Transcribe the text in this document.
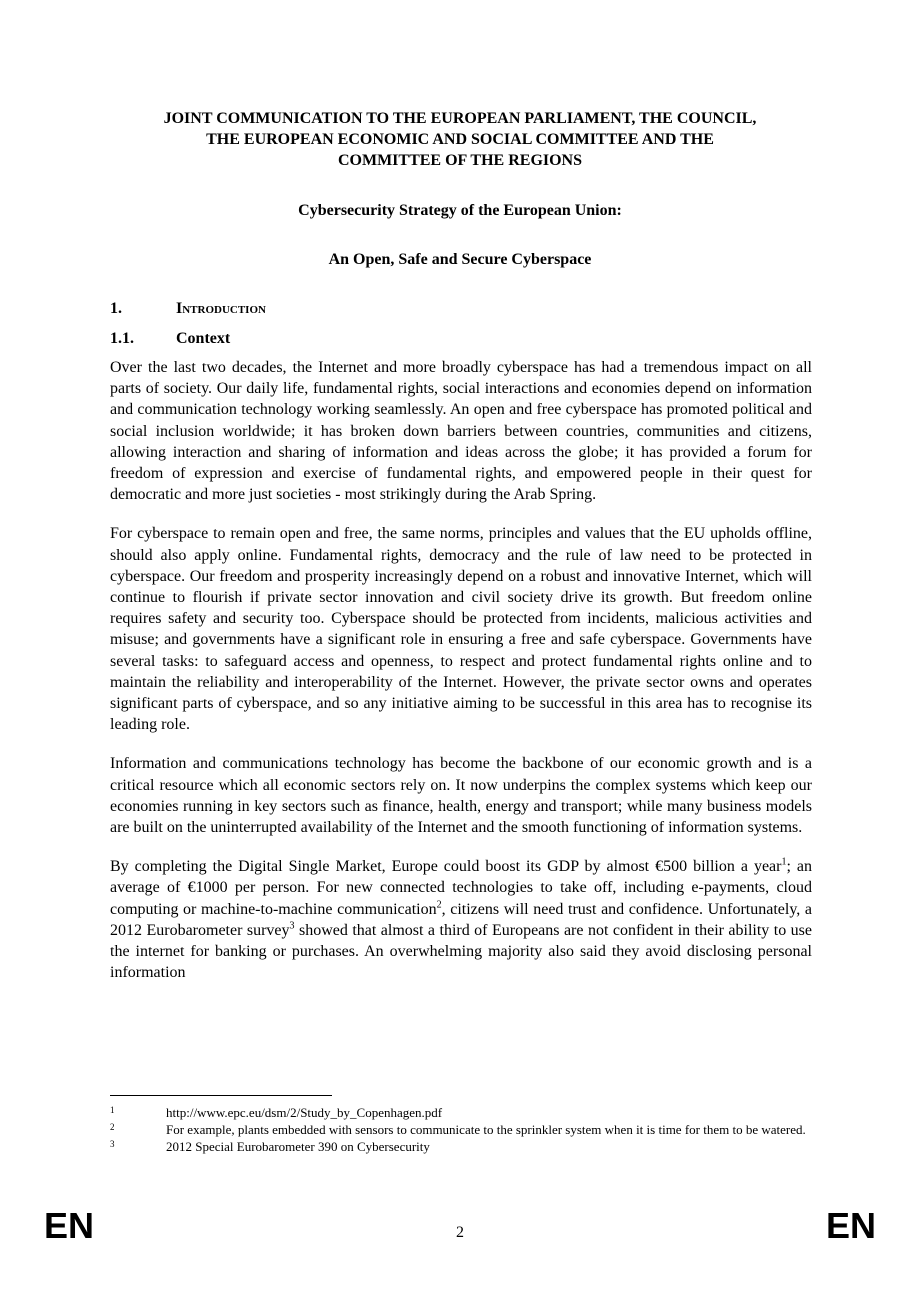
JOINT COMMUNICATION TO THE EUROPEAN PARLIAMENT, THE COUNCIL,
THE EUROPEAN ECONOMIC AND SOCIAL COMMITTEE AND THE
COMMITTEE OF THE REGIONS
Cybersecurity Strategy of the European Union:
An Open, Safe and Secure Cyberspace
1.	Introduction
1.1.	Context

Over the last two decades, the Internet and more broadly cyberspace has had a tremendous impact on all parts of society. Our daily life, fundamental rights, social interactions and economies depend on information and communication technology working seamlessly. An open and free cyberspace has promoted political and social inclusion worldwide; it has broken down barriers between countries, communities and citizens, allowing interaction and sharing of information and ideas across the globe; it has provided a forum for freedom of expression and exercise of fundamental rights, and empowered people in their quest for democratic and more just societies - most strikingly during the Arab Spring.

For cyberspace to remain open and free, the same norms, principles and values that the EU upholds offline, should also apply online. Fundamental rights, democracy and the rule of law need to be protected in cyberspace. Our freedom and prosperity increasingly depend on a robust and innovative Internet, which will continue to flourish if private sector innovation and civil society drive its growth. But freedom online requires safety and security too. Cyberspace should be protected from incidents, malicious activities and misuse; and governments have a significant role in ensuring a free and safe cyberspace. Governments have several tasks: to safeguard access and openness, to respect and protect fundamental rights online and to maintain the reliability and interoperability of the Internet. However, the private sector owns and operates significant parts of cyberspace, and so any initiative aiming to be successful in this area has to recognise its leading role.

Information and communications technology has become the backbone of our economic growth and is a critical resource which all economic sectors rely on. It now underpins the complex systems which keep our economies running in key sectors such as finance, health, energy and transport; while many business models are built on the uninterrupted availability of the Internet and the smooth functioning of information systems.

By completing the Digital Single Market, Europe could boost its GDP by almost €500 billion a year$^1$; an average of €1000 per person. For new connected technologies to take off, including e-payments, cloud computing or machine-to-machine communication$^2$, citizens will need trust and confidence. Unfortunately, a 2012 Eurobarometer survey$^3$ showed that almost a third of Europeans are not confident in their ability to use the internet for banking or purchases. An overwhelming majority also said they avoid disclosing personal information

1	http://www.epc.eu/dsm/2/Study_by_Copenhagen.pdf
2	For example, plants embedded with sensors to communicate to the sprinkler system when it is time for them to be watered.
3	2012 Special Eurobarometer 390 on Cybersecurity
EN	2	EN
